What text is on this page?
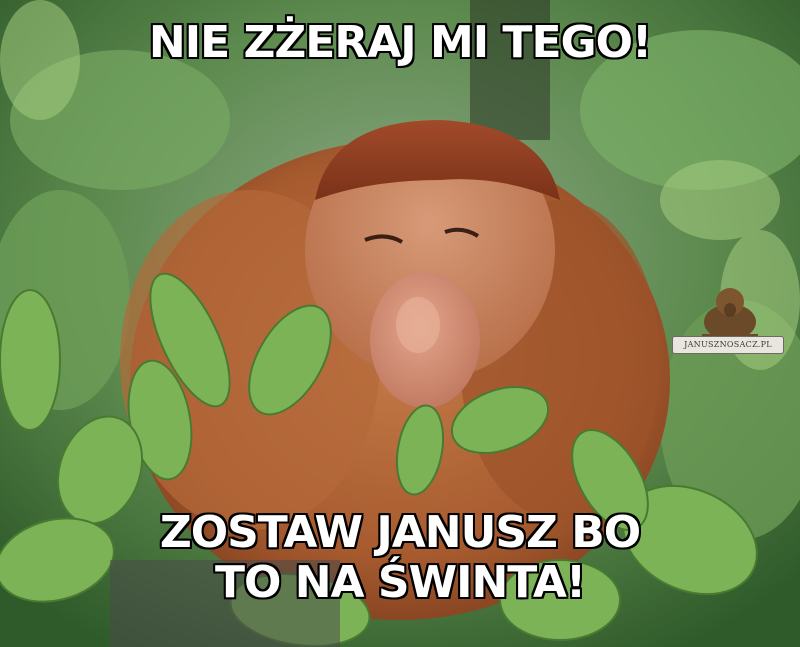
NIE ZŻERAJ MI TEGO!
ZOSTAW JANUSZ BO
TO NA ŚWINTA!
JANUSZNOSACZ.PL
